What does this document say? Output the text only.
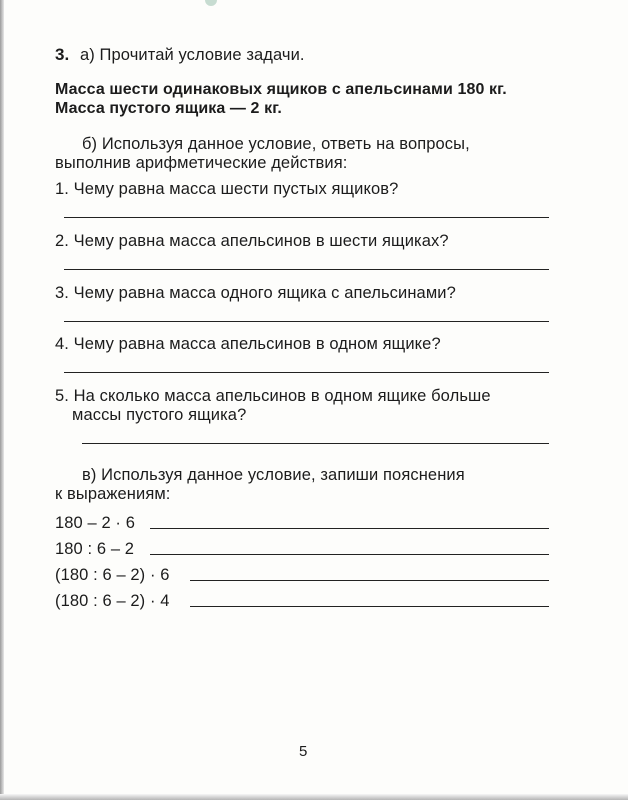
3. а) Прочитай условие задачи.
Масса шести одинаковых ящиков с апельсинами 180 кг.
Масса пустого ящика — 2 кг.
б) Используя данное условие, ответь на вопросы,
выполнив арифметические действия:
1. Чему равна масса шести пустых ящиков?
2. Чему равна масса апельсинов в шести ящиках?
3. Чему равна масса одного ящика с апельсинами?
4. Чему равна масса апельсинов в одном ящике?
5. На сколько масса апельсинов в одном ящике больше
массы пустого ящика?
в) Используя данное условие, запиши пояснения
к выражениям:
180 – 2 · 6
180 : 6 – 2
(180 : 6 – 2) · 6
(180 : 6 – 2) · 4
5
